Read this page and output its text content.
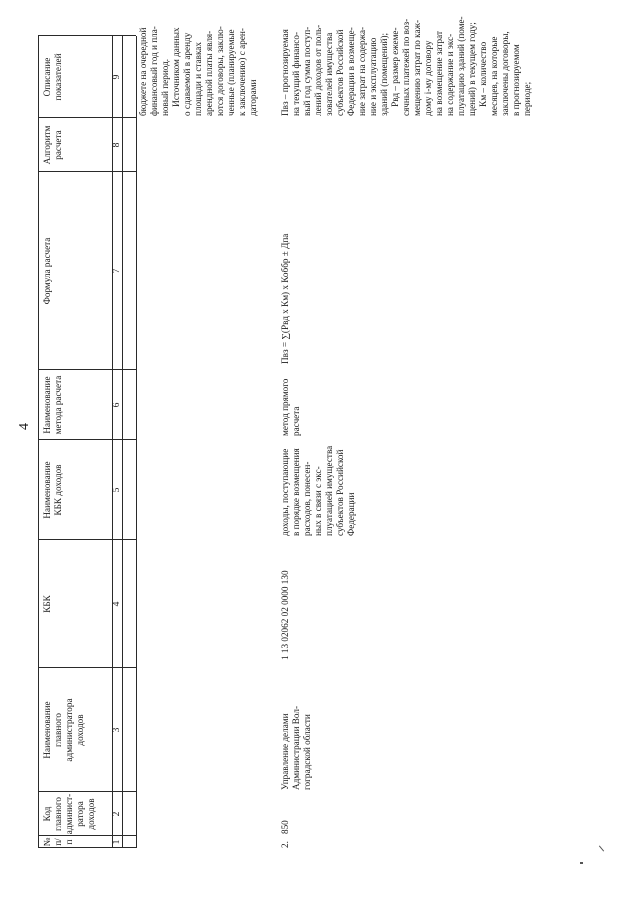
4
№
п/п
Код
главного
админист-
ратора
доходов
Наименование
главного
администратора
доходов
КБК
Наименование
КБК доходов
Наименование
метода расчета
Формула расчета
Алгоритм
расчета
Описание
показателей
1
2
3
4
5
6
7
8
9
бюджете на очередной
финансовый год и пла-
новый период.
Источником данных
о сдаваемой в аренду
площади и ставках
арендной платы явля-
ются договоры, заклю-
ченные (планируемые
к заключению) с арен-
даторами
2.
850
Управление делами
Администрации Вол-
гоградской области
1 13 02062 02 0000 130
доходы, поступающие
в порядке возмещения
расходов, понесен-
ных в связи с экс-
плуатацией имущества
субъектов Российской
Федерации
метод прямого
расчета
Пвз = ∑(Рвд х Км) х Коббр ± Дпа
Пвз – прогнозируемая
на текущий финансо-
вый год сумма поступ-
лений доходов от поль-
зователей имущества
субъектов Российской
Федерации в возмеще-
ние затрат на содержа-
ние и эксплуатацию
зданий (помещений);
Рвд – размер ежеме-
сячных платежей по воз-
мещению затрат по каж-
дому i-му договору
на возмещение затрат
на содержание и экс-
плуатацию зданий (поме-
щений) в текущем году;
Км – количество
месяцев, на которые
заключены договоры,
в прогнозируемом
периоде;
